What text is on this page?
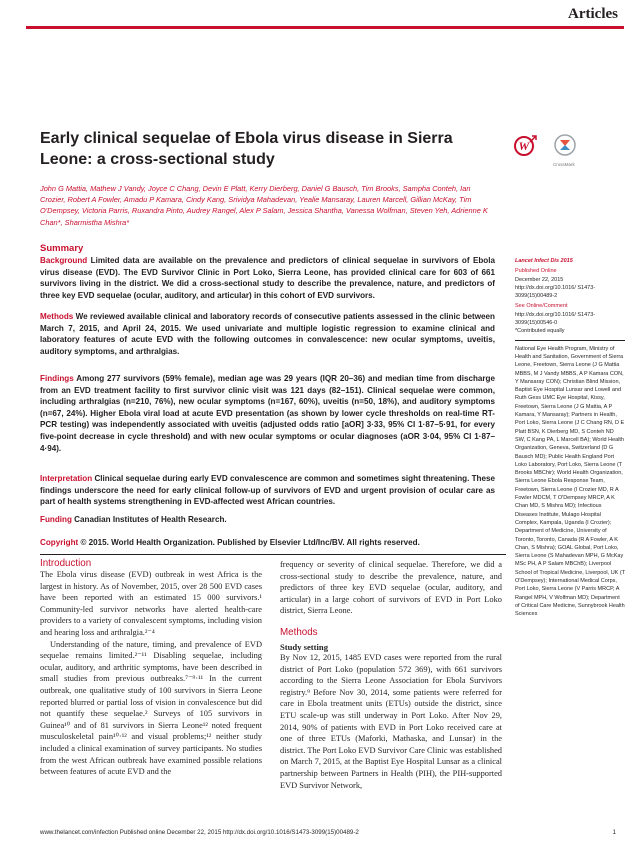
Articles
Early clinical sequelae of Ebola virus disease in Sierra Leone: a cross-sectional study
W
CrossMark
John G Mattia, Mathew J Vandy, Joyce C Chang, Devin E Platt, Kerry Dierberg, Daniel G Bausch, Tim Brooks, Sampha Conteh, Ian Crozier, Robert A Fowler, Amadu P Kamara, Cindy Kang, Srividya Mahadevan, Yealie Mansaray, Lauren Marcell, Gillian McKay, Tim O'Dempsey, Victoria Parris, Ruxandra Pinto, Audrey Rangel, Alex P Salam, Jessica Shantha, Vanessa Wolfman, Steven Yeh, Adrienne K Chan*, Sharmistha Mishra*
Summary
Background Limited data are available on the prevalence and predictors of clinical sequelae in survivors of Ebola virus disease (EVD). The EVD Survivor Clinic in Port Loko, Sierra Leone, has provided clinical care for 603 of 661 survivors living in the district. We did a cross-sectional study to describe the prevalence, nature, and predictors of three key EVD sequelae (ocular, auditory, and articular) in this cohort of EVD survivors.
Methods We reviewed available clinical and laboratory records of consecutive patients assessed in the clinic between March 7, 2015, and April 24, 2015. We used univariate and multiple logistic regression to examine clinical and laboratory features of acute EVD with the following outcomes in convalescence: new ocular symptoms, uveitis, auditory symptoms, and arthralgias.
Findings Among 277 survivors (59% female), median age was 29 years (IQR 20–36) and median time from discharge from an EVD treatment facility to first survivor clinic visit was 121 days (82–151). Clinical sequelae were common, including arthralgias (n=210, 76%), new ocular symptoms (n=167, 60%), uveitis (n=50, 18%), and auditory symptoms (n=67, 24%). Higher Ebola viral load at acute EVD presentation (as shown by lower cycle thresholds on real-time RT-PCR testing) was independently associated with uveitis (adjusted odds ratio [aOR] 3·33, 95% CI 1·87–5·91, for every five-point decrease in cycle threshold) and with new ocular symptoms or ocular diagnoses (aOR 3·04, 95% CI 1·87–4·94).
Interpretation Clinical sequelae during early EVD convalescence are common and sometimes sight threatening. These findings underscore the need for early clinical follow-up of survivors of EVD and urgent provision of ocular care as part of health systems strengthening in EVD-affected west African countries.
Funding Canadian Institutes of Health Research.
Copyright © 2015. World Health Organization. Published by Elsevier Ltd/Inc/BV. All rights reserved.
Introduction
The Ebola virus disease (EVD) outbreak in west Africa is the largest in history. As of November, 2015, over 28 500 EVD cases have been reported with an estimated 15 000 survivors.¹ Community-led survivor networks have alerted health-care providers to a variety of convalescent symptoms, including vision and hearing loss and arthralgia.²⁻⁴
Understanding of the nature, timing, and prevalence of EVD sequelae remains limited.²⁻¹¹ Disabling sequelae, including ocular, auditory, and arthritic symptoms, have been described in small studies from previous outbreaks.⁷⁻⁹·¹¹ In the current outbreak, one qualitative study of 100 survivors in Sierra Leone reported blurred or partial loss of vision in convalescence but did not quantify these sequelae.² Surveys of 105 survivors in Guinea¹⁰ and of 81 survivors in Sierra Leone¹² noted frequent musculoskeletal pain¹⁰·¹² and visual problems;¹² neither study included a clinical examination of survey participants. No studies from the west African outbreak have examined possible relations between features of acute EVD and the
frequency or severity of clinical sequelae. Therefore, we did a cross-sectional study to describe the prevalence, nature, and predictors of three key EVD sequelae (ocular, auditory, and articular) in a large cohort of survivors of EVD in Port Loko district, Sierra Leone.
Methods
Study setting
By Nov 12, 2015, 1485 EVD cases were reported from the rural district of Port Loko (population 572 369), with 661 survivors according to the Sierra Leone Association for Ebola Survivors registry.⁹ Before Nov 30, 2014, some patients were referred for care in Ebola treatment units (ETUs) outside the district, since ETU scale-up was still underway in Port Loko. After Nov 29, 2014, 90% of patients with EVD in Port Loko received care at one of three ETUs (Maforki, Mathaska, and Lunsar) in the district. The Port Loko EVD Survivor Care Clinic was established on March 7, 2015, at the Baptist Eye Hospital Lunsar as a clinical partnership between Partners in Health (PIH), the PIH-supported EVD Survivor Network,
Lancet Infect Dis 2015
Published Online
December 22, 2015
http://dx.doi.org/10.1016/ S1473-3099(15)00489-2
See Online/Comment
http://dx.doi.org/10.1016/ S1473-3099(15)00546-0
*Contributed equally
National Eye Health Program, Ministry of Health and Sanitation, Government of Sierra Leone, Freetown, Sierra Leone (J G Mattia MBBS, M J Vandy MBBS, A P Kamara CON, Y Mansaray CON); Christian Blind Mission, Baptist Eye Hospital Lunsar and Lowell and Ruth Gess UMC Eye Hospital, Kissy, Freetown, Sierra Leone (J G Mattia, A P Kamara, Y Mansaray); Partners in Health, Port Loko, Sierra Leone (J C Chang RN, D E Platt BSN, K Dierberg MD, S Conteh ND SW, C Kang PA, L Marcell BA); World Health Organization, Geneva, Switzerland (D G Bausch MD); Public Health England Port Loko Laboratory, Port Loko, Sierra Leone (T Brooks MBChir); World Health Organization, Sierra Leone Ebola Response Team, Freetown, Sierra Leone (I Crozier MD, R A Fowler MDCM, T O'Dempsey MRCP, A K Chan MD, S Mishra MD); Infectious Diseases Institute, Mulago Hospital Complex, Kampala, Uganda (I Crozier); Department of Medicine, University of Toronto, Toronto, Canada (R A Fowler, A K Chan, S Mishra); GOAL Global, Port Loko, Sierra Leone (S Mahadevan MPH, G McKay MSc PH, A P Salam MBChB); Liverpool School of Tropical Medicine, Liverpool, UK (T O'Dempsey); International Medical Corps, Port Loko, Sierra Leone (V Parris MRCP, A Rangel MPH, V Wolfman MD); Department of Critical Care Medicine, Sunnybrook Health Sciences
www.thelancet.com/infection Published online December 22, 2015 http://dx.doi.org/10.1016/S1473-3099(15)00489-2	1
